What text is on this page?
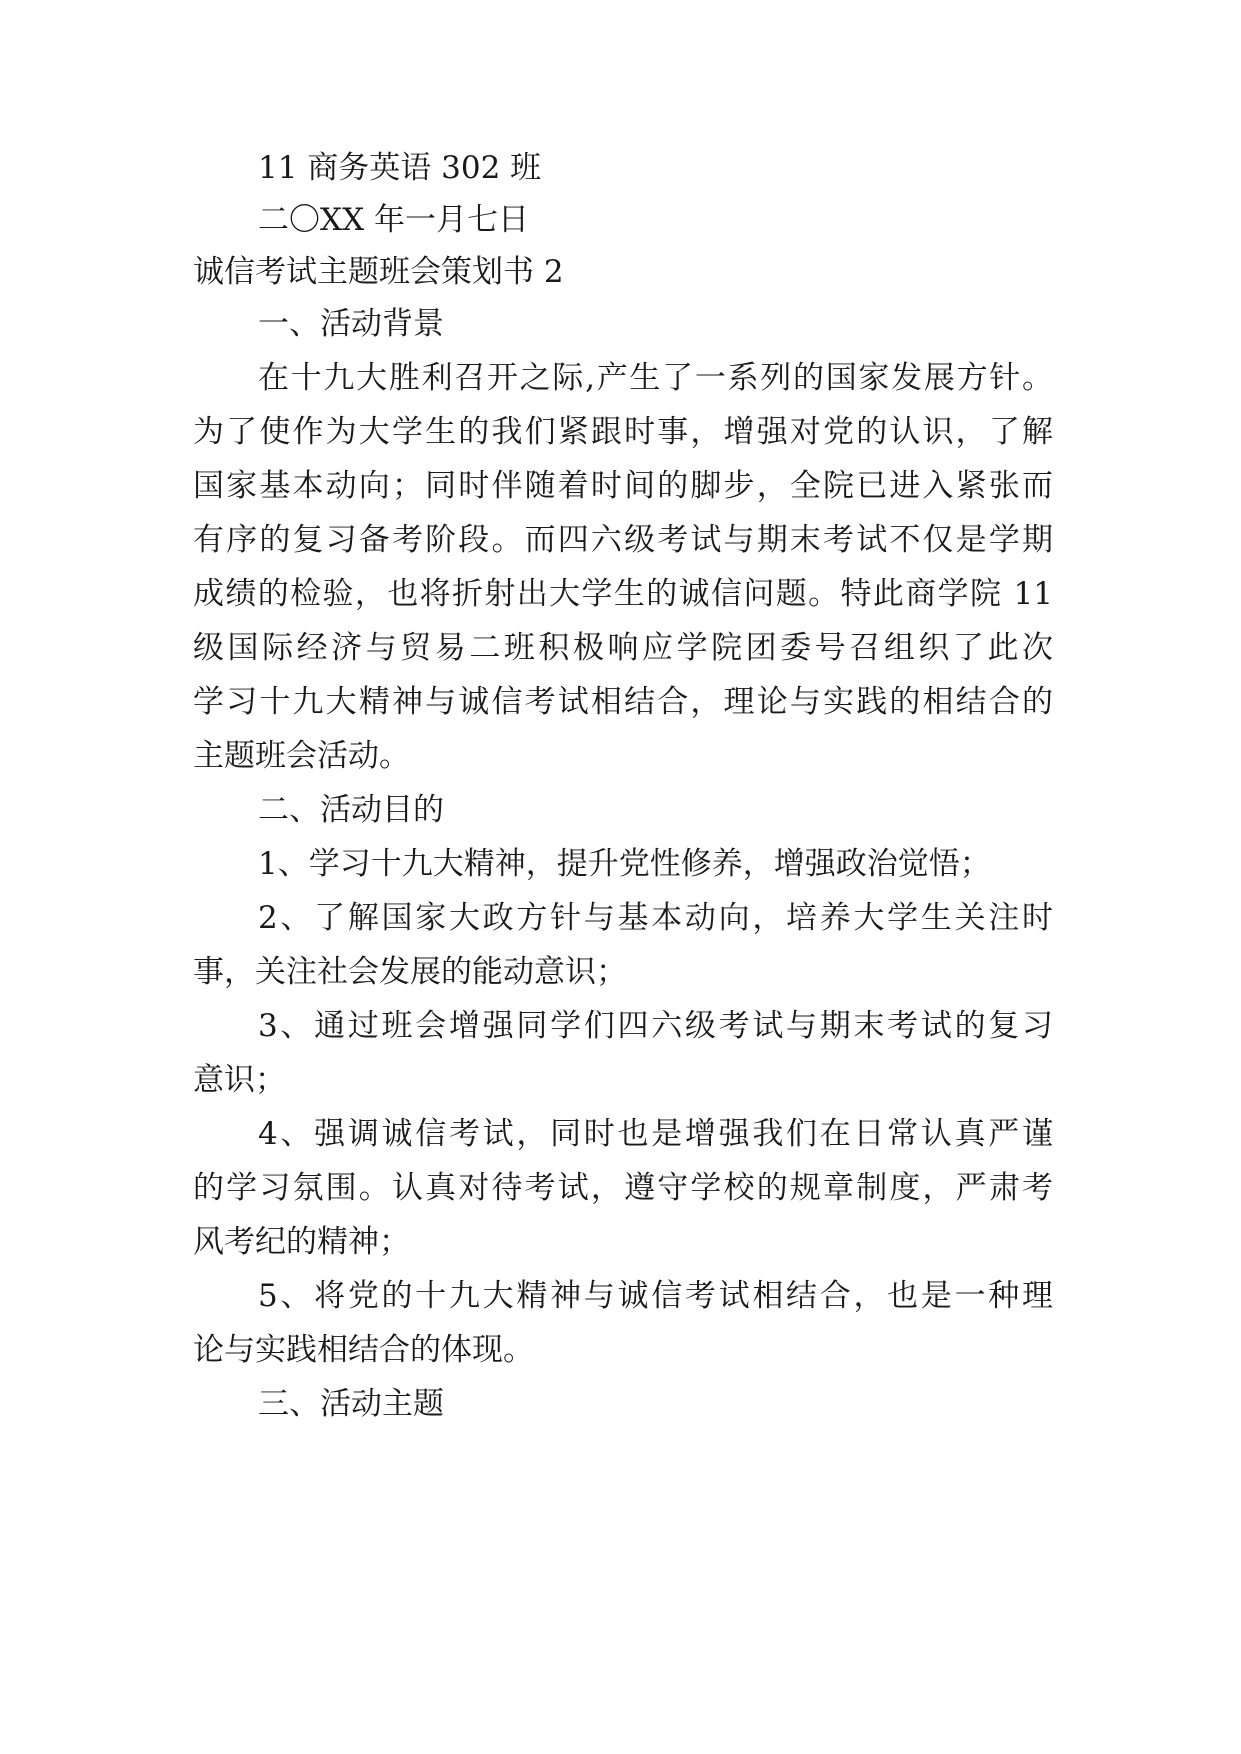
11 商务英语 302 班
二〇XX 年一月七日
诚信考试主题班会策划书 2
一、活动背景
在十九大胜利召开之际,产生了一系列的国家发展方针。
为了使作为大学生的我们紧跟时事，增强对党的认识，了解
国家基本动向；同时伴随着时间的脚步，全院已进入紧张而
有序的复习备考阶段。而四六级考试与期末考试不仅是学期
成绩的检验，也将折射出大学生的诚信问题。特此商学院 11
级国际经济与贸易二班积极响应学院团委号召组织了此次
学习十九大精神与诚信考试相结合，理论与实践的相结合的
主题班会活动。
二、活动目的
1、学习十九大精神，提升党性修养，增强政治觉悟；
2、了解国家大政方针与基本动向，培养大学生关注时
事，关注社会发展的能动意识；
3、通过班会增强同学们四六级考试与期末考试的复习
意识；
4、强调诚信考试，同时也是增强我们在日常认真严谨
的学习氛围。认真对待考试，遵守学校的规章制度，严肃考
风考纪的精神；
5、将党的十九大精神与诚信考试相结合，也是一种理
论与实践相结合的体现。
三、活动主题
